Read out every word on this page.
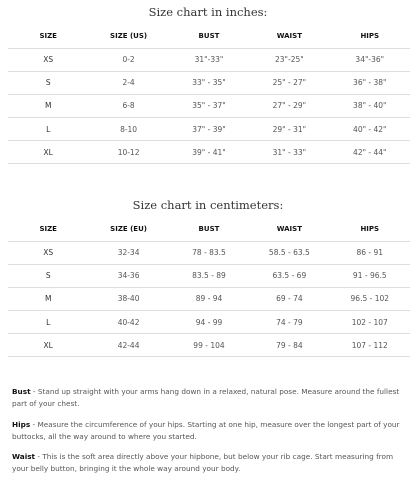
Size chart in inches:
SIZE	SIZE (US)	BUST	WAIST	HIPS
XS	0-2	31"-33"	23"-25"	34"-36"
S	2-4	33" - 35"	25" - 27"	36" - 38"
M	6-8	35" - 37"	27" - 29"	38" - 40"
L	8-10	37" - 39"	29" - 31"	40" - 42"
XL	10-12	39" - 41"	31" - 33"	42" - 44"
Size chart in centimeters:
SIZE	SIZE (EU)	BUST	WAIST	HIPS
XS	32-34	78 - 83.5	58.5 - 63.5	86 - 91
S	34-36	83.5 - 89	63.5 - 69	91 - 96.5
M	38-40	89 - 94	69 - 74	96.5 - 102
L	40-42	94 - 99	74 - 79	102 - 107
XL	42-44	99 - 104	79 - 84	107 - 112

Bust - Stand up straight with your arms hang down in a relaxed, natural pose. Measure around the fullest part of your chest.

Hips - Measure the circumference of your hips. Starting at one hip, measure over the longest part of your buttocks, all the way around to where you started.

Waist - This is the soft area directly above your hipbone, but below your rib cage. Start measuring from your belly button, bringing it the whole way around your body.
